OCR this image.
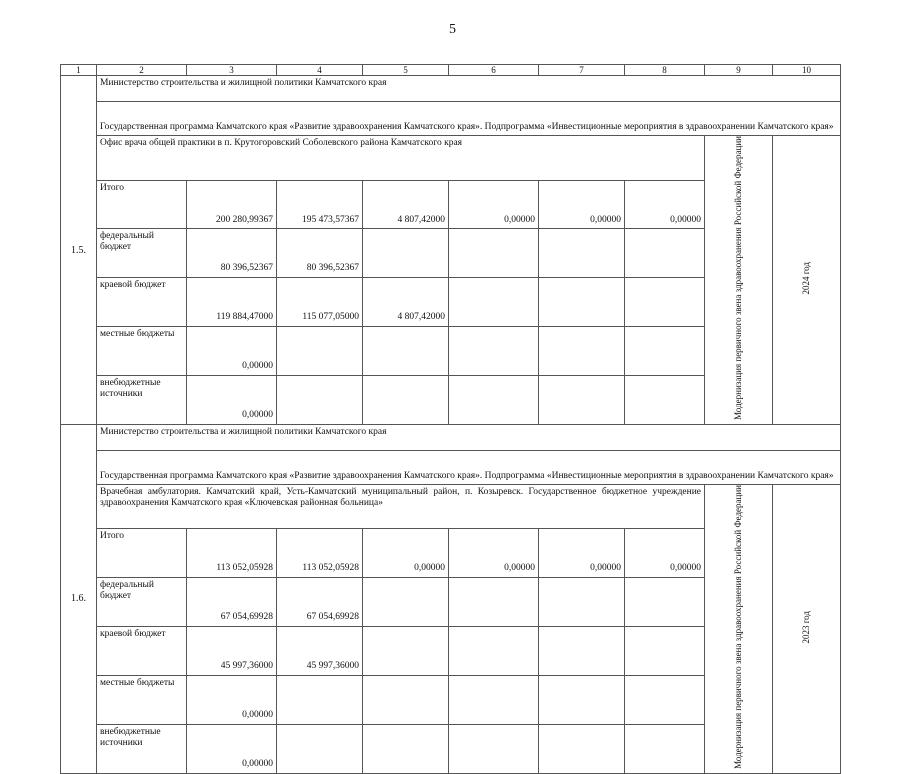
5
1	2	3	4	5	6	7	8	9	10
1.5.	Министерство строительства и жилищной политики Камчатского края								
	Государственная программа Камчатского края «Развитие здравоохранения Камчатского края». Подпрограмма «Инвестиционные мероприятия в здравоохранении Камчатского края»								
	Офис врача общей практики в п. Крутогоровский Соболевского района Камчатского края							Модернизация первичного звена здравоохранения Российской Федерации	2024 год
	Итого	200 280,99367	195 473,57367	4 807,42000	0,00000	0,00000	0,00000		
	федеральный бюджет	80 396,52367	80 396,52367						
	краевой бюджет	119 884,47000	115 077,05000	4 807,42000					
	местные бюджеты	0,00000							
	внебюджетные источники	0,00000							
1.6.	Министерство строительства и жилищной политики Камчатского края								
	Государственная программа Камчатского края «Развитие здравоохранения Камчатского края». Подпрограмма «Инвестиционные мероприятия в здравоохранении Камчатского края»								
	Врачебная амбулатория. Камчатский край, Усть-Камчатский муниципальный район, п. Козыревск. Государственное бюджетное учреждение здравоохранения Камчатского края «Ключевская районная больница»							Модернизация первичного звена здравоохранения Российской Федерации	2023 год
	Итого	113 052,05928	113 052,05928	0,00000	0,00000	0,00000	0,00000		
	федеральный бюджет	67 054,69928	67 054,69928						
	краевой бюджет	45 997,36000	45 997,36000						
	местные бюджеты	0,00000							
	внебюджетные источники	0,00000							
